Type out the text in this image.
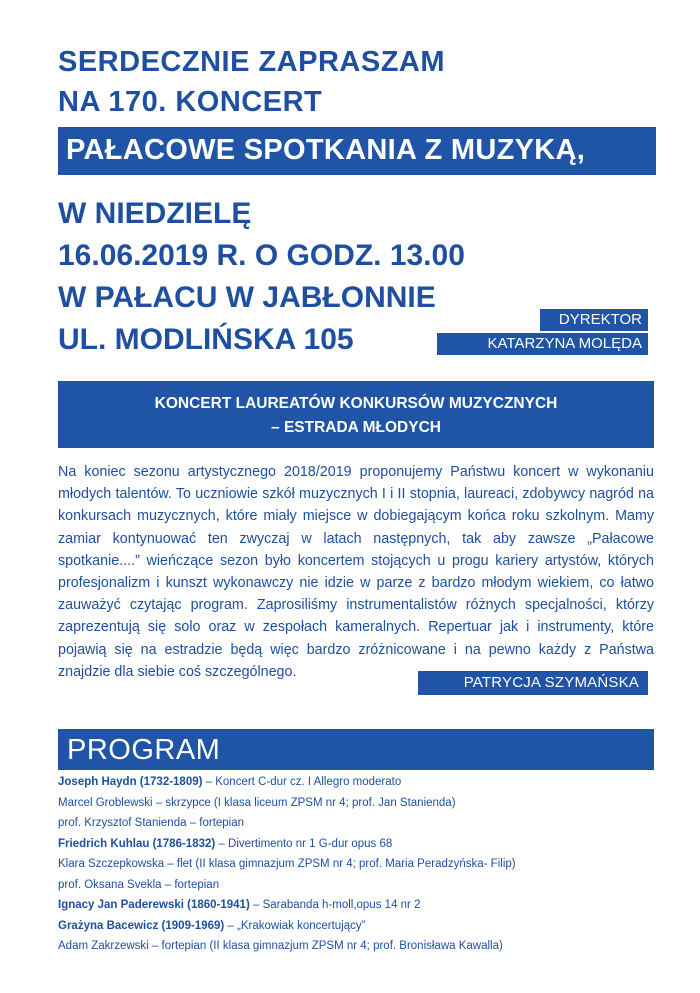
SERDECZNIE ZAPRASZAM
NA 170. KONCERT
PAŁACOWE SPOTKANIA Z MUZYKĄ,
W NIEDZIELĘ
16.06.2019 R. O GODZ. 13.00
W PAŁACU W JABŁONNIE
UL. MODLIŃSKA 105
DYREKTOR
KATARZYNA MOLĘDA
KONCERT LAUREATÓW KONKURSÓW MUZYCZNYCH
– ESTRADA MŁODYCH

Na koniec sezonu artystycznego 2018/2019 proponujemy Państwu koncert w wykonaniu młodych talentów. To uczniowie szkół muzycznych I i II stopnia, laureaci, zdobywcy nagród na konkursach muzycznych, które miały miejsce w dobiegającym końca roku szkolnym. Mamy zamiar kontynuować ten zwyczaj w latach następnych, tak aby zawsze „Pałacowe spotkanie....” wieńczące sezon było koncertem stojących u progu kariery artystów, których profesjonalizm i kunszt wykonawczy nie idzie w parze z bardzo młodym wiekiem, co łatwo zauważyć czytając program. Zaprosiliśmy instrumentalistów różnych specjalności, którzy zaprezentują się solo oraz w zespołach kameralnych. Repertuar jak i instrumenty, które pojawią się na estradzie będą więc bardzo zróżnicowane i na pewno każdy z Państwa znajdzie dla siebie coś szczególnego.

PATRYCJA SZYMAŃSKA
PROGRAM
Joseph Haydn (1732-1809) – Koncert C-dur cz. I Allegro moderato
Marcel Groblewski – skrzypce (I klasa liceum ZPSM nr 4; prof. Jan Stanienda)
prof. Krzysztof Stanienda – fortepian
Friedrich Kuhlau (1786-1832) – Divertimento nr 1 G-dur opus 68
Klara Szczepkowska – flet (II klasa gimnazjum ZPSM nr 4; prof. Maria Peradzyńska- Filip)
prof. Oksana Svekla – fortepian
Ignacy Jan Paderewski (1860-1941) – Sarabanda h-moll,opus 14 nr 2
Grażyna Bacewicz (1909-1969) – „Krakowiak koncertujący”
Adam Zakrzewski – fortepian (II klasa gimnazjum ZPSM nr 4; prof. Bronisława Kawalla)
